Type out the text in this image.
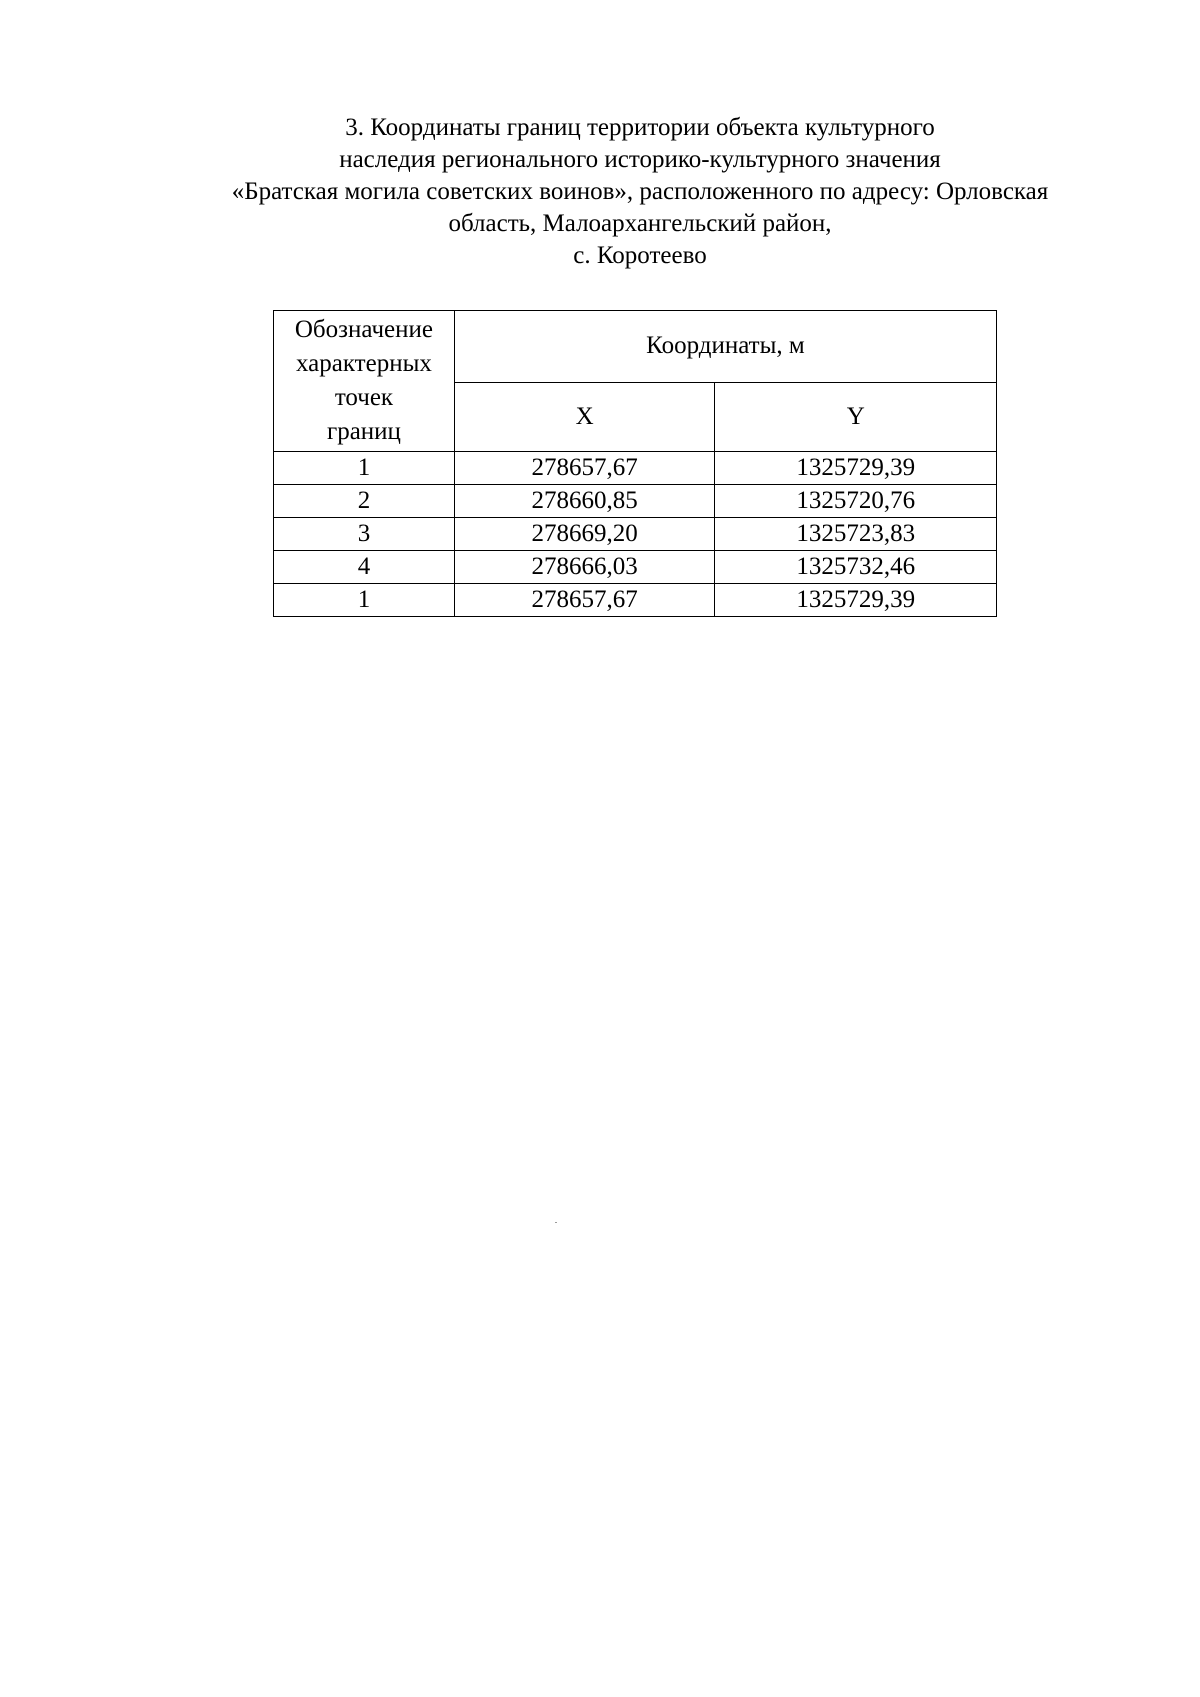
3. Координаты границ территории объекта культурного
наследия регионального историко-культурного значения
«Братская могила советских воинов», расположенного по адресу: Орловская
область, Малоархангельский район,
с. Коротеево
Обозначение
характерных
точек
границ	Координаты, м	
	X	Y
1	278657,67	1325729,39
2	278660,85	1325720,76
3	278669,20	1325723,83
4	278666,03	1325732,46
1	278657,67	1325729,39
